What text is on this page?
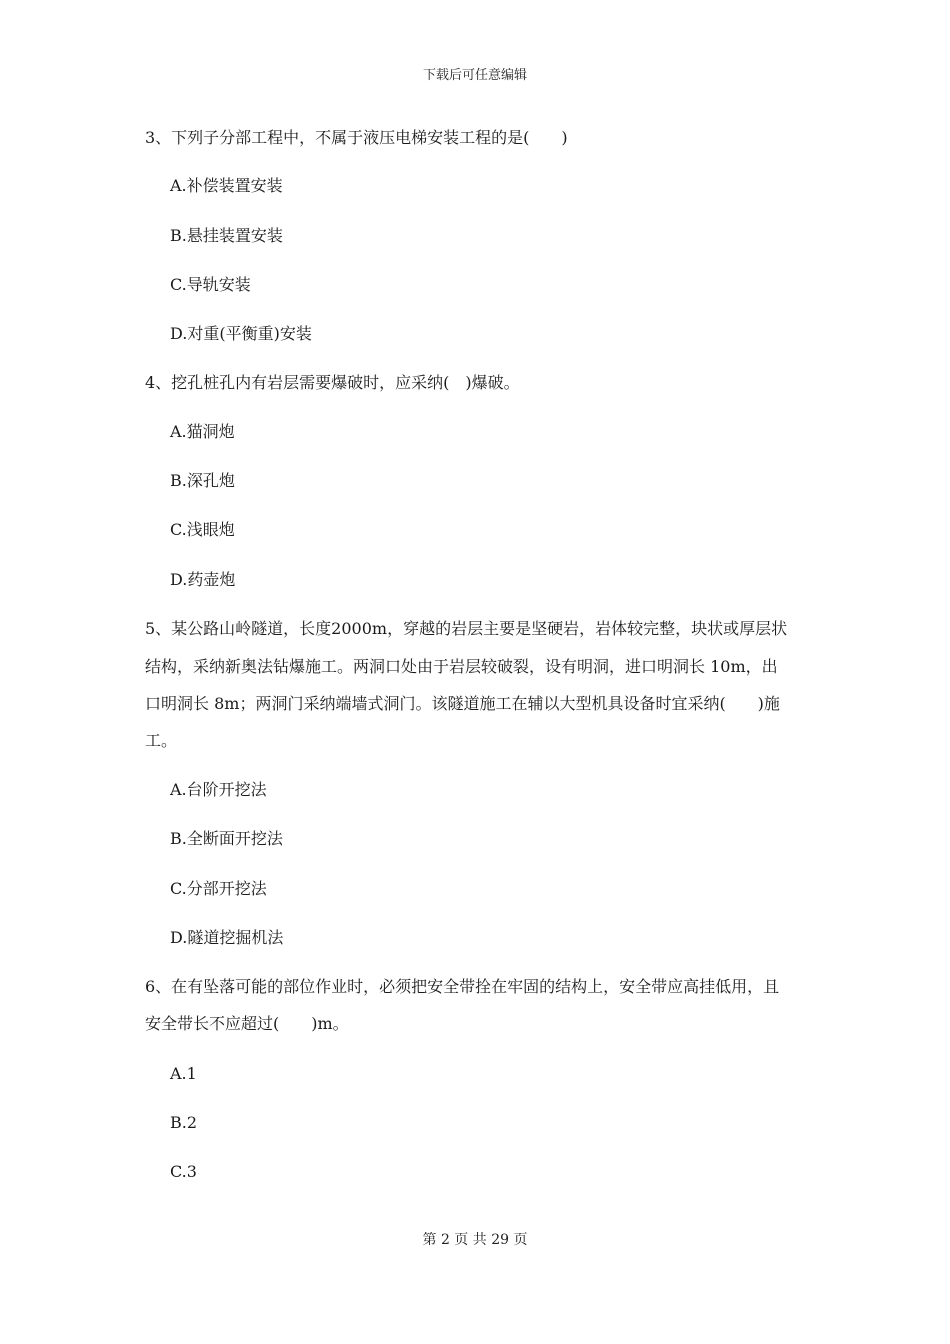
下载后可任意编辑
3、下列子分部工程中，不属于液压电梯安装工程的是(　　)
A.补偿装置安装
B.悬挂装置安装
C.导轨安装
D.对重(平衡重)安装
4、挖孔桩孔内有岩层需要爆破时，应采纳(　)爆破。
A.猫洞炮
B.深孔炮
C.浅眼炮
D.药壶炮
5、某公路山岭隧道，长度2000m，穿越的岩层主要是坚硬岩，岩体较完整，块状或厚层状
结构，采纳新奥法钻爆施工。两洞口处由于岩层较破裂，设有明洞，进口明洞长 10m，出
口明洞长 8m；两洞门采纳端墙式洞门。该隧道施工在辅以大型机具设备时宜采纳(　　)施
工。
A.台阶开挖法
B.全断面开挖法
C.分部开挖法
D.隧道挖掘机法
6、在有坠落可能的部位作业时，必须把安全带拴在牢固的结构上，安全带应高挂低用，且
安全带长不应超过(　　)m。
A.1
B.2
C.3
第 2 页 共 29 页
